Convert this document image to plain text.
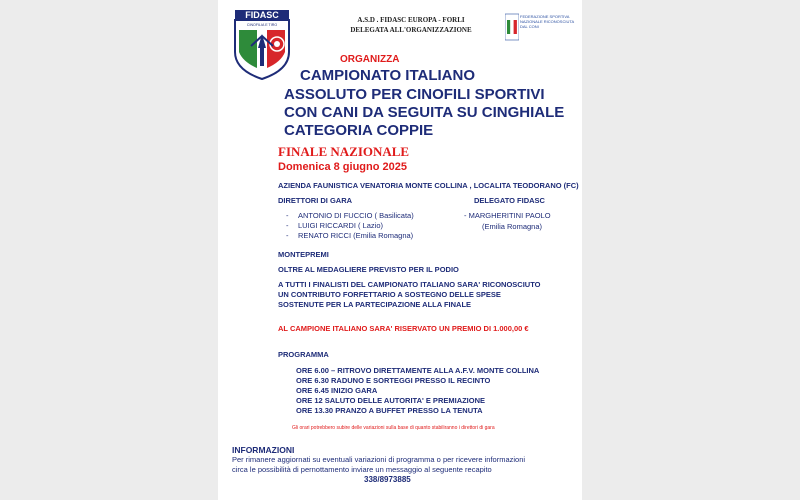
FIDASC
CINOFILIA E TIRO
A.S.D . FIDASC EUROPA - FORLI
DELEGATA ALL'ORGANIZZAZIONE
FEDERAZIONE SPORTIVA NAZIONALE RICONOSCIUTA DAL CONI
ORGANIZZA
CAMPIONATO ITALIANO
ASSOLUTO PER CINOFILI SPORTIVI
CON CANI DA SEGUITA SU CINGHIALE
CATEGORIA COPPIE
FINALE NAZIONALE
Domenica 8 giugno 2025
AZIENDA FAUNISTICA VENATORIA MONTE COLLINA , LOCALITA TEODORANO (FC)
DIRETTORI DI GARA
- ANTONIO DI FUCCIO ( Basilicata)
- LUIGI RICCARDI ( Lazio)
- RENATO RICCI (Emilia Romagna)
DELEGATO FIDASC
- MARGHERITINI PAOLO
(Emilia Romagna)
MONTEPREMI
OLTRE AL MEDAGLIERE PREVISTO PER IL PODIO
A TUTTI I FINALISTI DEL CAMPIONATO ITALIANO SARA' RICONOSCIUTO
UN CONTRIBUTO FORFETTARIO A SOSTEGNO DELLE SPESE
SOSTENUTE PER LA PARTECIPAZIONE ALLA FINALE
AL CAMPIONE ITALIANO SARA' RISERVATO UN PREMIO DI 1.000,00 €
PROGRAMMA
ORE 6.00 – RITROVO DIRETTAMENTE ALLA A.F.V. MONTE COLLINA
ORE 6.30 RADUNO E SORTEGGI PRESSO IL RECINTO
ORE 6.45 INIZIO GARA
ORE 12 SALUTO DELLE AUTORITA' E PREMIAZIONE
ORE 13.30 PRANZO A BUFFET PRESSO LA TENUTA
Gli orari potrebbero subire delle variazioni sulla base di quanto stabiliranno i direttori di gara
INFORMAZIONI
Per rimanere aggiornati su eventuali variazioni di programma o per ricevere informazioni
circa le possibilità di pernottamento inviare un messaggio al seguente recapito
338/8973885
